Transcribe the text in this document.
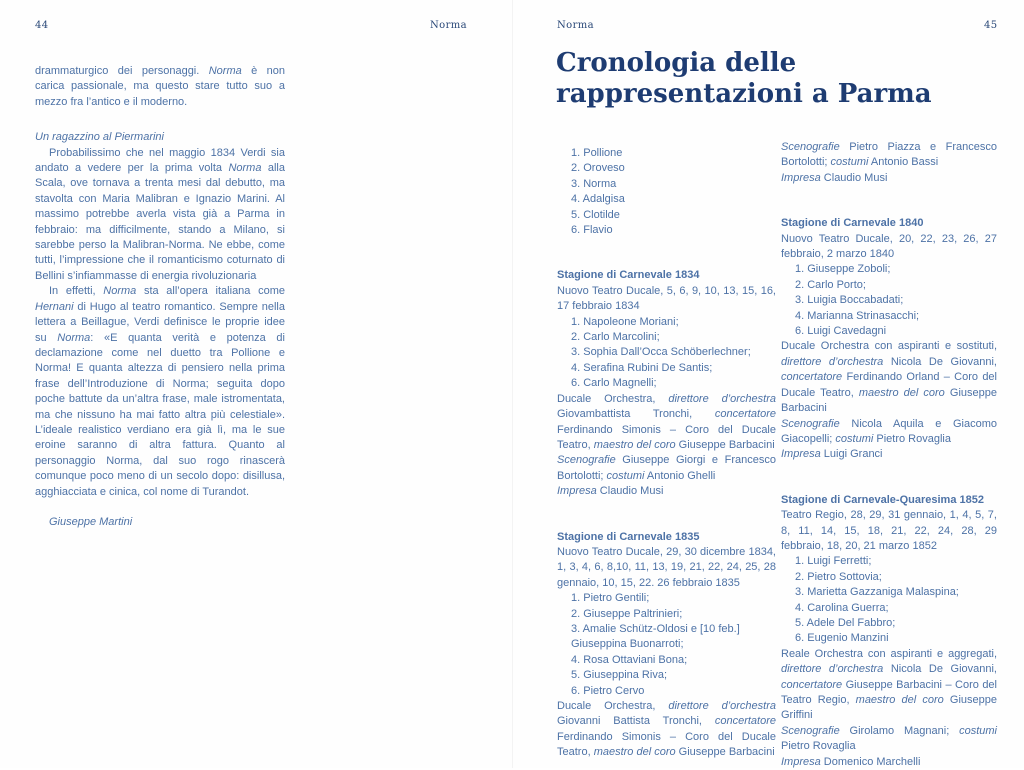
44	Norma
drammaturgico dei personaggi. Norma è non carica passionale, ma questo stare tutto suo a mezzo fra l’antico e il moderno.
Un ragazzino al Piermarini
Probabilissimo che nel maggio 1834 Verdi sia andato a vedere per la prima volta Norma alla Scala, ove tornava a trenta mesi dal debutto, ma stavolta con Maria Malibran e Ignazio Marini. Al massimo potrebbe averla vista già a Parma in febbraio: ma difficilmente, stando a Milano, si sarebbe perso la Malibran-Norma. Ne ebbe, come tutti, l’impressione che il romanticismo coturnato di Bellini s’infiammasse di energia rivoluzionaria
In effetti, Norma sta all’opera italiana come Hernani di Hugo al teatro romantico. Sempre nella lettera a Beillague, Verdi definisce le proprie idee su Norma: «E quanta verità e potenza di declamazione come nel duetto tra Pollione e Norma! E quanta altezza di pensiero nella prima frase dell’Introduzione di Norma; seguita dopo poche battute da un’altra frase, male istromentata, ma che nissuno ha mai fatto altra più celestiale». L’ideale realistico verdiano era già lì, ma le sue eroine saranno di altra fattura. Quanto al personaggio Norma, dal suo rogo rinascerà comunque poco meno di un secolo dopo: disillusa, agghiacciata e cinica, col nome di Turandot.
Giuseppe Martini
Norma	45
Cronologia delle
rappresentazioni a Parma
1. Pollione
2. Oroveso
3. Norma
4. Adalgisa
5. Clotilde
6. Flavio
Stagione di Carnevale 1834
Nuovo Teatro Ducale, 5, 6, 9, 10, 13, 15, 16, 17 febbraio 1834
1. Napoleone Moriani;
2. Carlo Marcolini;
3. Sophia Dall’Occa Schöberlechner;
4. Serafina Rubini De Santis;
6. Carlo Magnelli;
Ducale Orchestra, direttore d’orchestra Giovambattista Tronchi, concertatore Ferdinando Simonis – Coro del Ducale Teatro, maestro del coro Giuseppe Barbacini
Scenografie Giuseppe Giorgi e Francesco Bortolotti; costumi Antonio Ghelli
Impresa Claudio Musi
Stagione di Carnevale 1835
Nuovo Teatro Ducale, 29, 30 dicembre 1834, 1, 3, 4, 6, 8,10, 11, 13, 19, 21, 22, 24, 25, 28 gennaio, 10, 15, 22. 26 febbraio 1835
1. Pietro Gentili;
2. Giuseppe Paltrinieri;
3. Amalie Schütz-Oldosi e [10 feb.] Giuseppina Buonarroti;
4. Rosa Ottaviani Bona;
5. Giuseppina Riva;
6. Pietro Cervo
Ducale Orchestra, direttore d’orchestra Giovanni Battista Tronchi, concertatore Ferdinando Simonis – Coro del Ducale Teatro, maestro del coro Giuseppe Barbacini
Scenografie Pietro Piazza e Francesco Bortolotti; costumi Antonio Bassi
Impresa Claudio Musi
Stagione di Carnevale 1840
Nuovo Teatro Ducale, 20, 22, 23, 26, 27 febbraio, 2 marzo 1840
1. Giuseppe Zoboli;
2. Carlo Porto;
3. Luigia Boccabadati;
4. Marianna Strinasacchi;
6. Luigi Cavedagni
Ducale Orchestra con aspiranti e sostituti, direttore d’orchestra Nicola De Giovanni, concertatore Ferdinando Orland – Coro del Ducale Teatro, maestro del coro Giuseppe Barbacini
Scenografie Nicola Aquila e Giacomo Giacopelli; costumi Pietro Rovaglia
Impresa Luigi Granci
Stagione di Carnevale-Quaresima 1852
Teatro Regio, 28, 29, 31 gennaio, 1, 4, 5, 7, 8, 11, 14, 15, 18, 21, 22, 24, 28, 29 febbraio, 18, 20, 21 marzo 1852
1. Luigi Ferretti;
2. Pietro Sottovia;
3. Marietta Gazzaniga Malaspina;
4. Carolina Guerra;
5. Adele Del Fabbro;
6. Eugenio Manzini
Reale Orchestra con aspiranti e aggregati, direttore d’orchestra Nicola De Giovanni, concertatore Giuseppe Barbacini – Coro del Teatro Regio, maestro del coro Giuseppe Griffini
Scenografie Girolamo Magnani; costumi Pietro Rovaglia
Impresa Domenico Marchelli
